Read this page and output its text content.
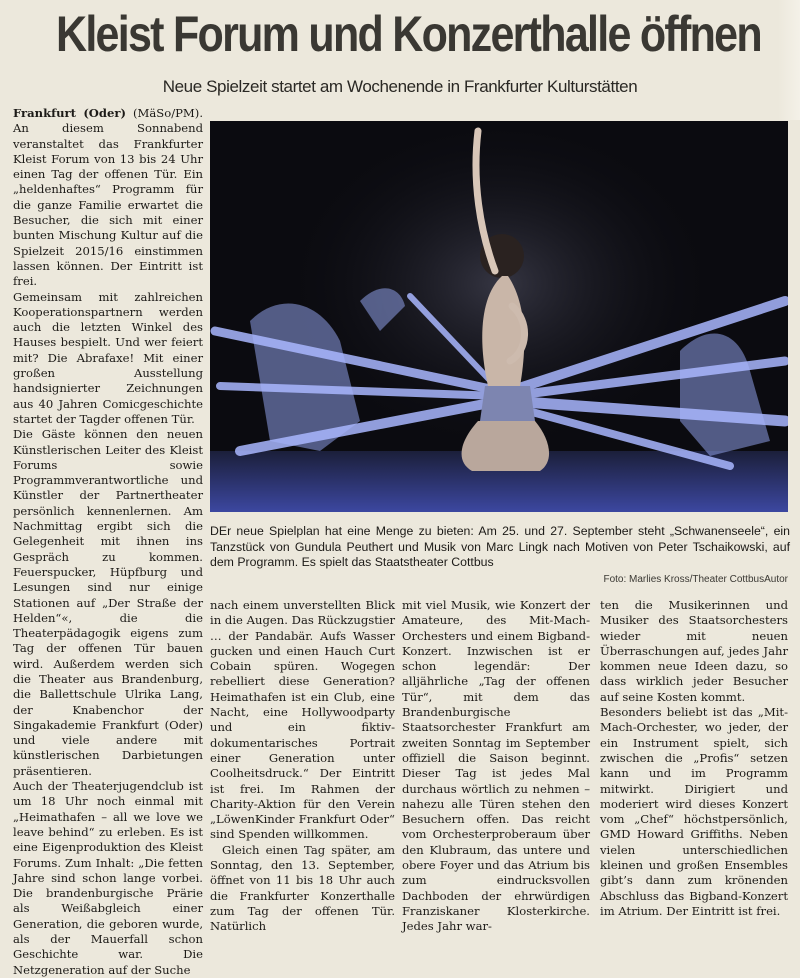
Kleist Forum und Konzerthalle öffnen
Neue Spielzeit startet am Wochenende in Frankfurter Kulturstätten

Frankfurt (Oder) (MäSo/PM). An diesem Sonnabend veranstaltet das Frankfurter Kleist Forum von 13 bis 24 Uhr einen Tag der offenen Tür. Ein „heldenhaftes“ Programm für die ganze Familie erwartet die Besucher, die sich mit einer bunten Mischung Kultur auf die Spielzeit 2015/16 einstimmen lassen können. Der Eintritt ist frei.

Gemeinsam mit zahlreichen Kooperationspartnern werden auch die letzten Winkel des Hauses bespielt. Und wer feiert mit? Die Abrafaxe! Mit einer großen Ausstellung handsignierter Zeichnungen aus 40 Jahren Comicgeschichte startet der Tagder offenen Tür.

Die Gäste können den neuen Künstlerischen Leiter des Kleist Forums sowie Programmverantwortliche und Künstler der Partnertheater persönlich kennenlernen. Am Nachmittag ergibt sich die Gelegenheit mit ihnen ins Gespräch zu kommen. Feuerspucker, Hüpfburg und Lesungen sind nur einige Stationen auf „Der Straße der Helden“«, die die Theaterpädagogik eigens zum Tag der offenen Tür bauen wird. Außerdem werden sich die Theater aus Brandenburg, die Ballettschule Ulrika Lang, der Knabenchor der Singakademie Frankfurt (Oder) und viele andere mit künstlerischen Darbietungen präsentieren.

Auch der Theaterjugendclub ist um 18 Uhr noch einmal mit „Heimathafen – all we love we leave behind“ zu erleben. Es ist eine Eigenproduktion des Kleist Forums. Zum Inhalt: „Die fetten Jahre sind schon lange vorbei. Die brandenburgische Prärie als Weißabgleich einer Generation, die geboren wurde, als der Mauerfall schon Geschichte war. Die Netzgeneration auf der Suche

DEr neue Spielplan hat eine Menge zu bieten: Am 25. und 27. September steht „Schwanenseele“, ein Tanzstück von Gundula Peuthert und Musik von Marc Lingk nach Motiven von Peter Tschaikowski, auf dem Programm. Es spielt das Staatstheater Cottbus
Foto: Marlies Kross/Theater CottbusAutor

nach einem unverstellten Blick in die Augen. Das Rückzugstier … der Pandabär. Aufs Wasser gucken und einen Hauch Curt Cobain spüren. Wogegen rebelliert diese Generation? Heimathafen ist ein Club, eine Nacht, eine Hollywoodparty und ein fiktiv-dokumentarisches Portrait einer Generation unter Coolheitsdruck.“ Der Eintritt ist frei. Im Rahmen der Charity-Aktion für den Verein „LöwenKinder Frankfurt Oder“ sind Spenden willkommen.

Gleich einen Tag später, am Sonntag, den 13. September, öffnet von 11 bis 18 Uhr auch die Frankfurter Konzerthalle zum Tag der offenen Tür. Natürlich

mit viel Musik, wie Konzert der Amateure, des Mit-Mach-Orchesters und einem Bigband-Konzert. Inzwischen ist er schon legendär: Der alljährliche „Tag der offenen Tür“, mit dem das Brandenburgische Staatsorchester Frankfurt am zweiten Sonntag im September offiziell die Saison beginnt. Dieser Tag ist jedes Mal durchaus wörtlich zu nehmen – nahezu alle Türen stehen den Besuchern offen. Das reicht vom Orchesterproberaum über den Klubraum, das untere und obere Foyer und das Atrium bis zum eindrucksvollen Dachboden der ehrwürdigen Franziskaner Klosterkirche. Jedes Jahr war-

ten die Musikerinnen und Musiker des Staatsorchesters wieder mit neuen Überraschungen auf, jedes Jahr kommen neue Ideen dazu, so dass wirklich jeder Besucher auf seine Kosten kommt.

Besonders beliebt ist das „Mit-Mach-Orchester, wo jeder, der ein Instrument spielt, sich zwischen die „Profis“ setzen kann und im Programm mitwirkt. Dirigiert und moderiert wird dieses Konzert vom „Chef“ höchstpersönlich, GMD Howard Griffiths. Neben vielen unterschiedlichen kleinen und großen Ensembles gibt’s dann zum krönenden Abschluss das Bigband-Konzert im Atrium. Der Eintritt ist frei.
